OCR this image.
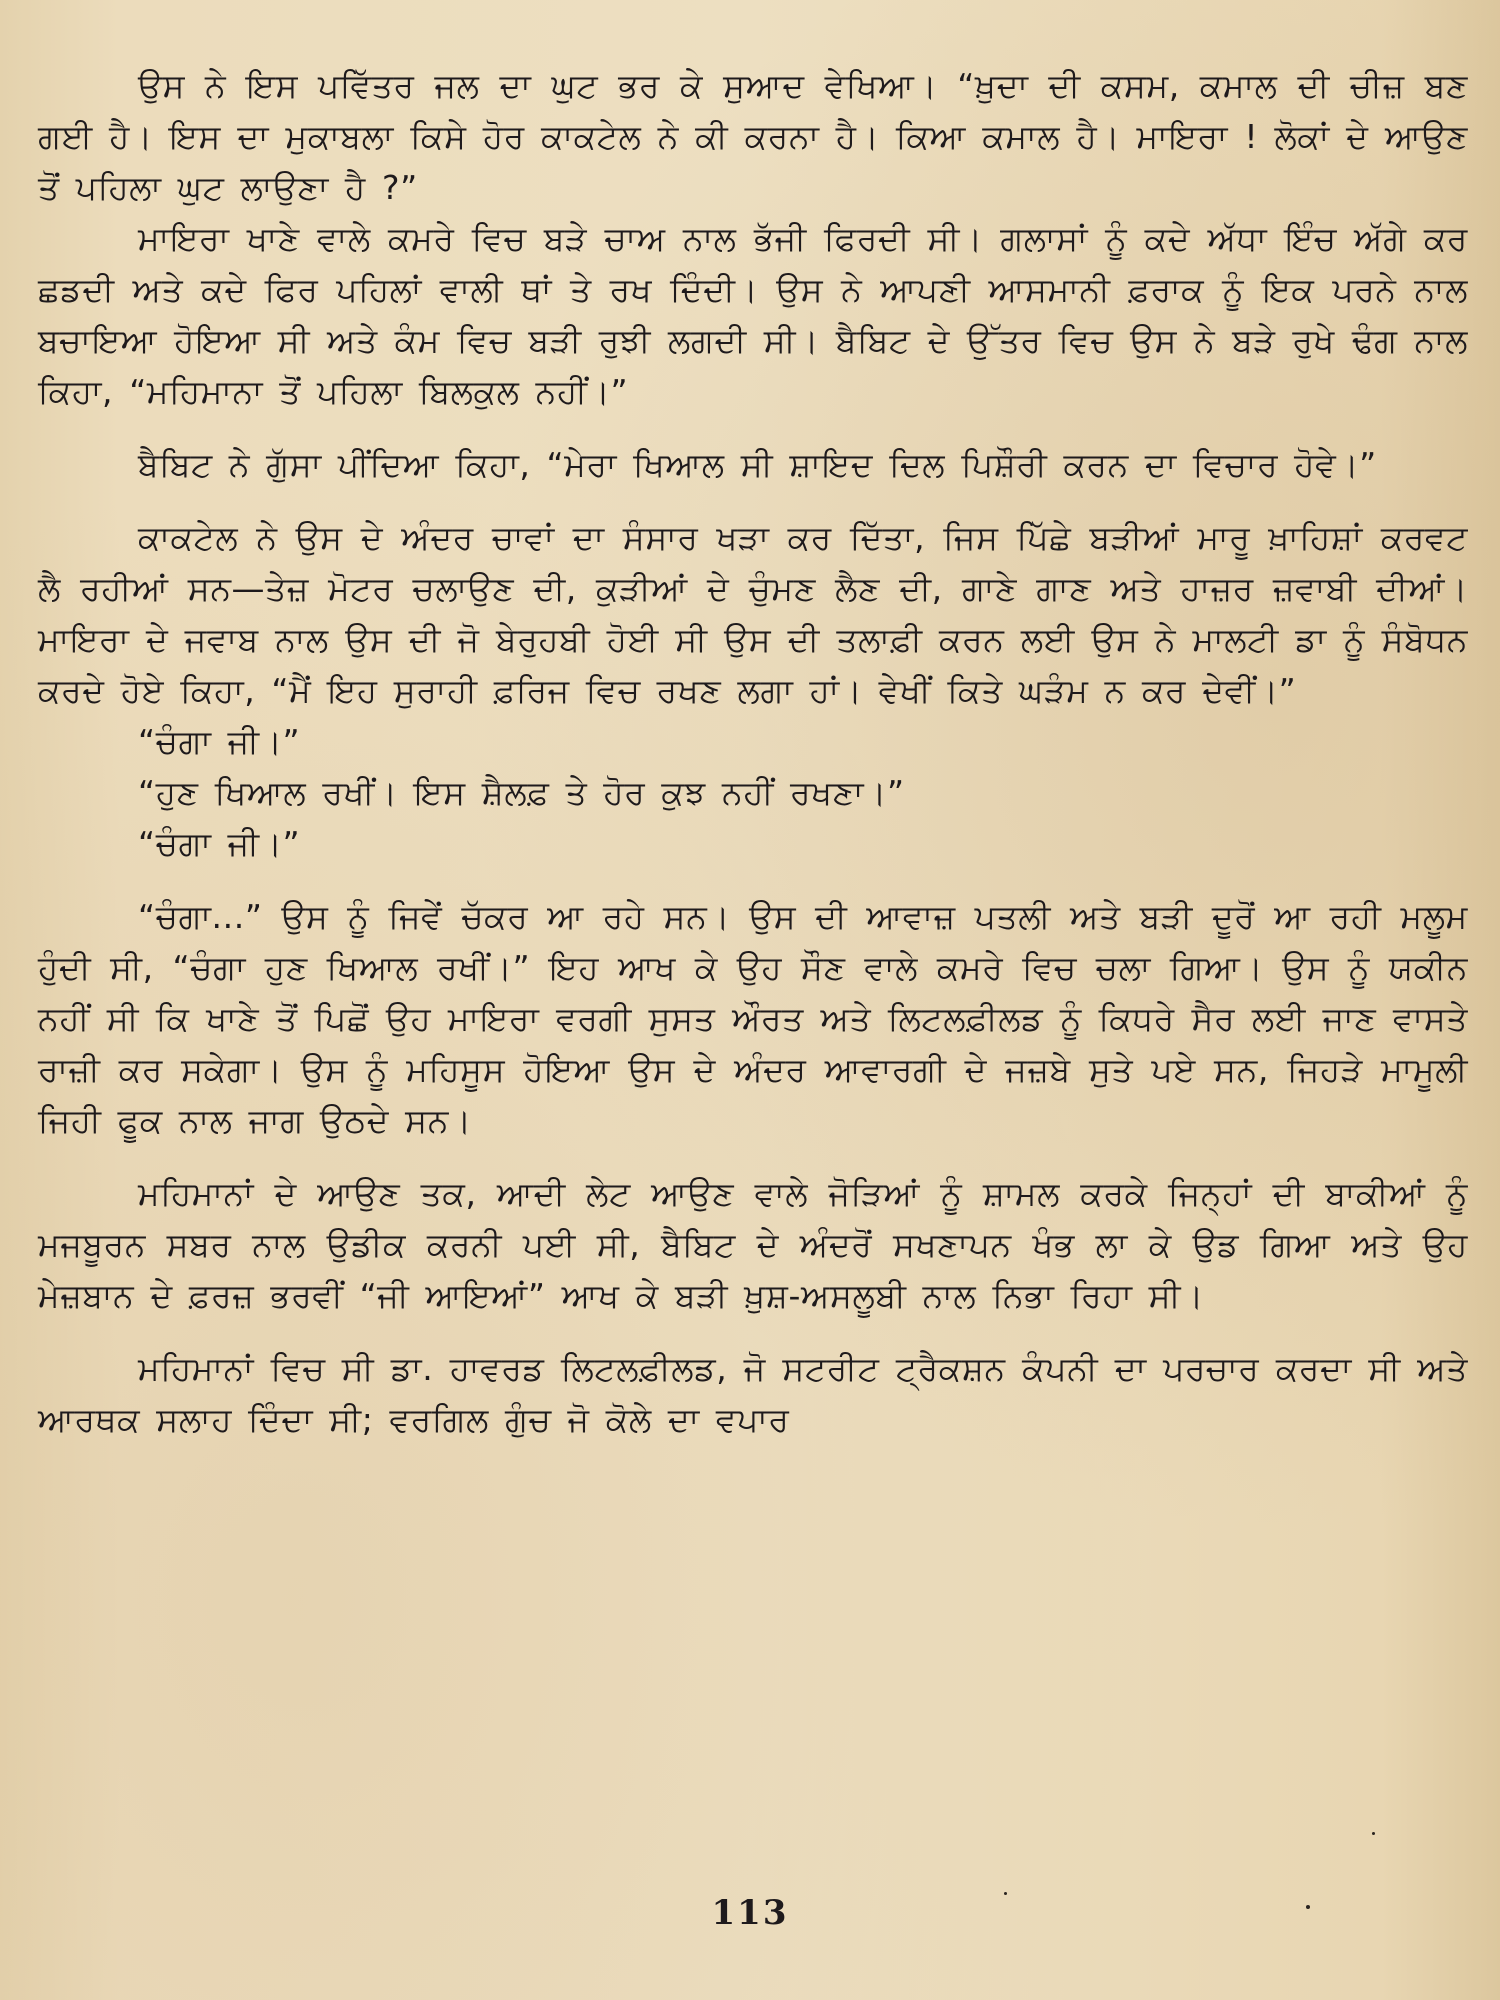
ਉਸ ਨੇ ਇਸ ਪਵਿੱਤਰ ਜਲ ਦਾ ਘੁਟ ਭਰ ਕੇ ਸੁਆਦ ਵੇਖਿਆ। “ਖ਼ੁਦਾ ਦੀ ਕਸਮ, ਕਮਾਲ ਦੀ ਚੀਜ਼ ਬਣ ਗਈ ਹੈ। ਇਸ ਦਾ ਮੁਕਾਬਲਾ ਕਿਸੇ ਹੋਰ ਕਾਕਟੇਲ ਨੇ ਕੀ ਕਰਨਾ ਹੈ। ਕਿਆ ਕਮਾਲ ਹੈ। ਮਾਇਰਾ ! ਲੋਕਾਂ ਦੇ ਆਉਣ ਤੋਂ ਪਹਿਲਾ ਘੁਟ ਲਾਉਣਾ ਹੈ ?”

ਮਾਇਰਾ ਖਾਣੇ ਵਾਲੇ ਕਮਰੇ ਵਿਚ ਬੜੇ ਚਾਅ ਨਾਲ ਭੱਜੀ ਫਿਰਦੀ ਸੀ। ਗਲਾਸਾਂ ਨੂੰ ਕਦੇ ਅੱਧਾ ਇੰਚ ਅੱਗੇ ਕਰ ਛਡਦੀ ਅਤੇ ਕਦੇ ਫਿਰ ਪਹਿਲਾਂ ਵਾਲੀ ਥਾਂ ਤੇ ਰਖ ਦਿੰਦੀ। ਉਸ ਨੇ ਆਪਣੀ ਆਸਮਾਨੀ ਫ਼ਰਾਕ ਨੂੰ ਇਕ ਪਰਨੇ ਨਾਲ ਬਚਾਇਆ ਹੋਇਆ ਸੀ ਅਤੇ ਕੰਮ ਵਿਚ ਬੜੀ ਰੁਝੀ ਲਗਦੀ ਸੀ। ਬੈਬਿਟ ਦੇ ਉੱਤਰ ਵਿਚ ਉਸ ਨੇ ਬੜੇ ਰੁਖੇ ਢੰਗ ਨਾਲ ਕਿਹਾ, “ਮਹਿਮਾਨਾ ਤੋਂ ਪਹਿਲਾ ਬਿਲਕੁਲ ਨਹੀਂ।”

ਬੈਬਿਟ ਨੇ ਗੁੱਸਾ ਪੀਂਦਿਆ ਕਿਹਾ, “ਮੇਰਾ ਖਿਆਲ ਸੀ ਸ਼ਾਇਦ ਦਿਲ ਪਿਸ਼ੌਰੀ ਕਰਨ ਦਾ ਵਿਚਾਰ ਹੋਵੇ।”

ਕਾਕਟੇਲ ਨੇ ਉਸ ਦੇ ਅੰਦਰ ਚਾਵਾਂ ਦਾ ਸੰਸਾਰ ਖੜਾ ਕਰ ਦਿੱਤਾ, ਜਿਸ ਪਿੱਛੇ ਬੜੀਆਂ ਮਾਰੂ ਖ਼ਾਹਿਸ਼ਾਂ ਕਰਵਟ ਲੈ ਰਹੀਆਂ ਸਨ—ਤੇਜ਼ ਮੋਟਰ ਚਲਾਉਣ ਦੀ, ਕੁੜੀਆਂ ਦੇ ਚੁੰਮਣ ਲੈਣ ਦੀ, ਗਾਣੇ ਗਾਣ ਅਤੇ ਹਾਜ਼ਰ ਜ਼ਵਾਬੀ ਦੀਆਂ। ਮਾਇਰਾ ਦੇ ਜਵਾਬ ਨਾਲ ਉਸ ਦੀ ਜੋ ਬੇਰੁਹਬੀ ਹੋਈ ਸੀ ਉਸ ਦੀ ਤਲਾਫ਼ੀ ਕਰਨ ਲਈ ਉਸ ਨੇ ਮਾਲਟੀ ਡਾ ਨੂੰ ਸੰਬੋਧਨ ਕਰਦੇ ਹੋਏ ਕਿਹਾ, “ਮੈਂ ਇਹ ਸੁਰਾਹੀ ਫ਼ਰਿਜ ਵਿਚ ਰਖਣ ਲਗਾ ਹਾਂ। ਵੇਖੀਂ ਕਿਤੇ ਘੜੰਮ ਨ ਕਰ ਦੇਵੀਂ।”

“ਚੰਗਾ ਜੀ।”

“ਹੁਣ ਖਿਆਲ ਰਖੀਂ। ਇਸ ਸ਼ੈਲਫ਼ ਤੇ ਹੋਰ ਕੁਝ ਨਹੀਂ ਰਖਣਾ।”

“ਚੰਗਾ ਜੀ।”

“ਚੰਗਾ...” ਉਸ ਨੂੰ ਜਿਵੇਂ ਚੱਕਰ ਆ ਰਹੇ ਸਨ। ਉਸ ਦੀ ਆਵਾਜ਼ ਪਤਲੀ ਅਤੇ ਬੜੀ ਦੂਰੋਂ ਆ ਰਹੀ ਮਲੂਮ ਹੁੰਦੀ ਸੀ, “ਚੰਗਾ ਹੁਣ ਖਿਆਲ ਰਖੀਂ।” ਇਹ ਆਖ ਕੇ ਉਹ ਸੌਣ ਵਾਲੇ ਕਮਰੇ ਵਿਚ ਚਲਾ ਗਿਆ। ਉਸ ਨੂੰ ਯਕੀਨ ਨਹੀਂ ਸੀ ਕਿ ਖਾਣੇ ਤੋਂ ਪਿਛੋਂ ਉਹ ਮਾਇਰਾ ਵਰਗੀ ਸੁਸਤ ਔਰਤ ਅਤੇ ਲਿਟਲਫ਼ੀਲਡ ਨੂੰ ਕਿਧਰੇ ਸੈਰ ਲਈ ਜਾਣ ਵਾਸਤੇ ਰਾਜ਼ੀ ਕਰ ਸਕੇਗਾ। ਉਸ ਨੂੰ ਮਹਿਸੂਸ ਹੋਇਆ ਉਸ ਦੇ ਅੰਦਰ ਆਵਾਰਗੀ ਦੇ ਜਜ਼ਬੇ ਸੁਤੇ ਪਏ ਸਨ, ਜਿਹੜੇ ਮਾਮੂਲੀ ਜਿਹੀ ਫੂਕ ਨਾਲ ਜਾਗ ਉਠਦੇ ਸਨ।

ਮਹਿਮਾਨਾਂ ਦੇ ਆਉਣ ਤਕ, ਆਦੀ ਲੇਟ ਆਉਣ ਵਾਲੇ ਜੋੜਿਆਂ ਨੂੰ ਸ਼ਾਮਲ ਕਰਕੇ ਜਿਨ੍ਹਾਂ ਦੀ ਬਾਕੀਆਂ ਨੂੰ ਮਜਬੂਰਨ ਸਬਰ ਨਾਲ ਉਡੀਕ ਕਰਨੀ ਪਈ ਸੀ, ਬੈਬਿਟ ਦੇ ਅੰਦਰੋਂ ਸਖਣਾਪਨ ਖੰਭ ਲਾ ਕੇ ਉਡ ਗਿਆ ਅਤੇ ਉਹ ਮੇਜ਼ਬਾਨ ਦੇ ਫ਼ਰਜ਼ ਭਰਵੀਂ “ਜੀ ਆਇਆਂ” ਆਖ ਕੇ ਬੜੀ ਖ਼ੁਸ਼-ਅਸਲੂਬੀ ਨਾਲ ਨਿਭਾ ਰਿਹਾ ਸੀ।

ਮਹਿਮਾਨਾਂ ਵਿਚ ਸੀ ਡਾ. ਹਾਵਰਡ ਲਿਟਲਫ਼ੀਲਡ, ਜੋ ਸਟਰੀਟ ਟ੍ਰੈਕਸ਼ਨ ਕੰਪਨੀ ਦਾ ਪਰਚਾਰ ਕਰਦਾ ਸੀ ਅਤੇ ਆਰਥਕ ਸਲਾਹ ਦਿੰਦਾ ਸੀ; ਵਰਗਿਲ ਗੁੰਚ ਜੋ ਕੋਲੇ ਦਾ ਵਪਾਰ

113
